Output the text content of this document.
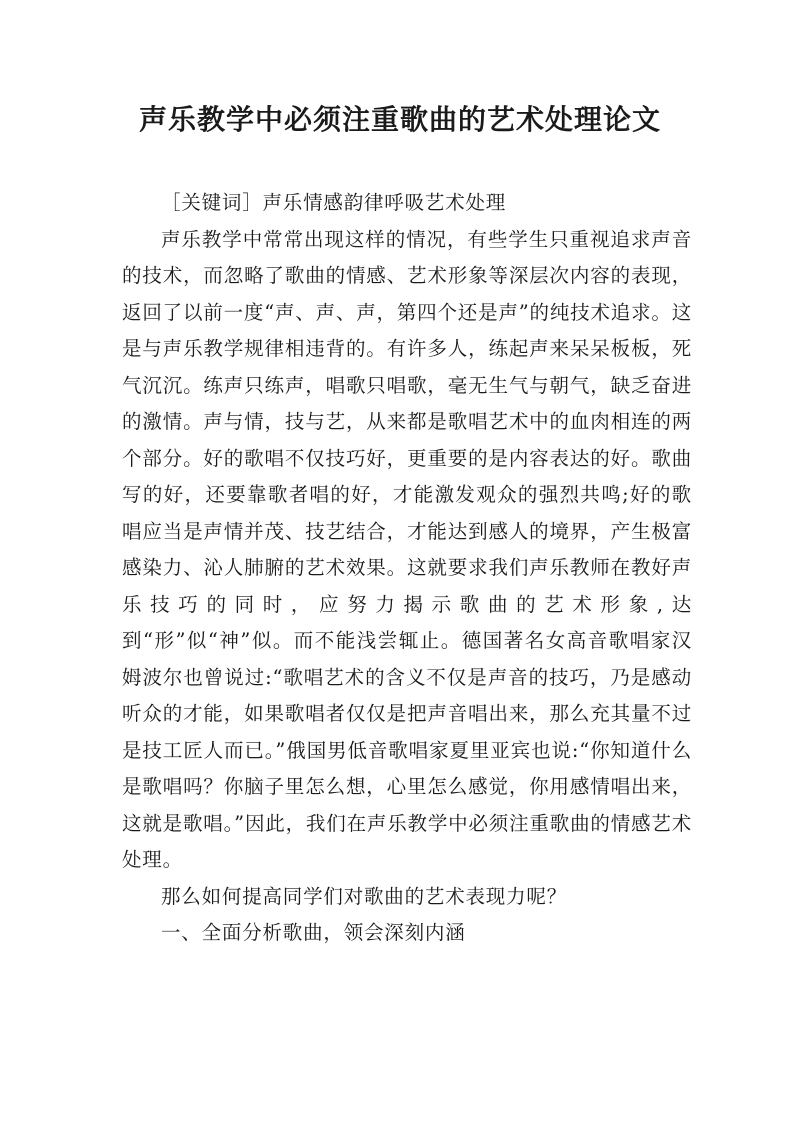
声乐教学中必须注重歌曲的艺术处理论文

［关键词］声乐情感韵律呼吸艺术处理

声乐教学中常常出现这样的情况，有些学生只重视追求声音的技术，而忽略了歌曲的情感、艺术形象等深层次内容的表现，返回了以前一度“声、声、声，第四个还是声”的纯技术追求。这是与声乐教学规律相违背的。有许多人，练起声来呆呆板板，死气沉沉。练声只练声，唱歌只唱歌，毫无生气与朝气，缺乏奋进的激情。声与情，技与艺，从来都是歌唱艺术中的血肉相连的两个部分。好的歌唱不仅技巧好，更重要的是内容表达的好。歌曲写的好，还要靠歌者唱的好，才能激发观众的强烈共鸣;好的歌唱应当是声情并茂、技艺结合，才能达到感人的境界，产生极富感染力、沁人肺腑的艺术效果。这就要求我们声乐教师在教好声乐技巧的同时，应努力揭示歌曲的艺术形象,达到“形”似“神”似。而不能浅尝辄止。德国著名女高音歌唱家汉姆波尔也曾说过:“歌唱艺术的含义不仅是声音的技巧，乃是感动听众的才能，如果歌唱者仅仅是把声音唱出来，那么充其量不过是技工匠人而已。”俄国男低音歌唱家夏里亚宾也说:“你知道什么是歌唱吗？你脑子里怎么想，心里怎么感觉，你用感情唱出来，这就是歌唱。”因此，我们在声乐教学中必须注重歌曲的情感艺术处理。

那么如何提高同学们对歌曲的艺术表现力呢？

一、全面分析歌曲，领会深刻内涵
